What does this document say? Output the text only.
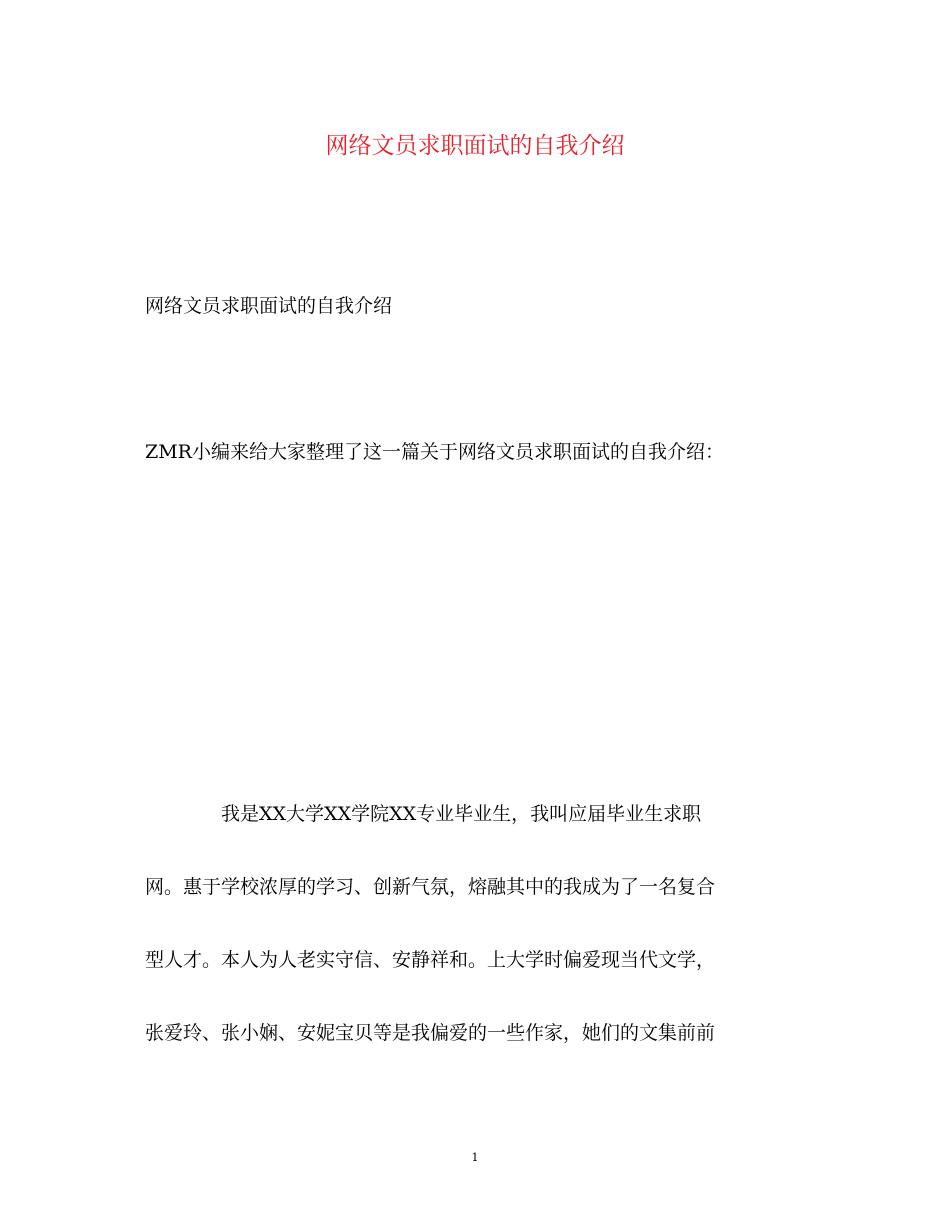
网络文员求职面试的自我介绍
网络文员求职面试的自我介绍
ZMR小编来给大家整理了这一篇关于网络文员求职面试的自我介绍：
我是XX大学XX学院XX专业毕业生，我叫应届毕业生求职
网。惠于学校浓厚的学习、创新气氛，熔融其中的我成为了一名复合
型人才。本人为人老实守信、安静祥和。上大学时偏爱现当代文学，
张爱玲、张小娴、安妮宝贝等是我偏爱的一些作家，她们的文集前前
1
